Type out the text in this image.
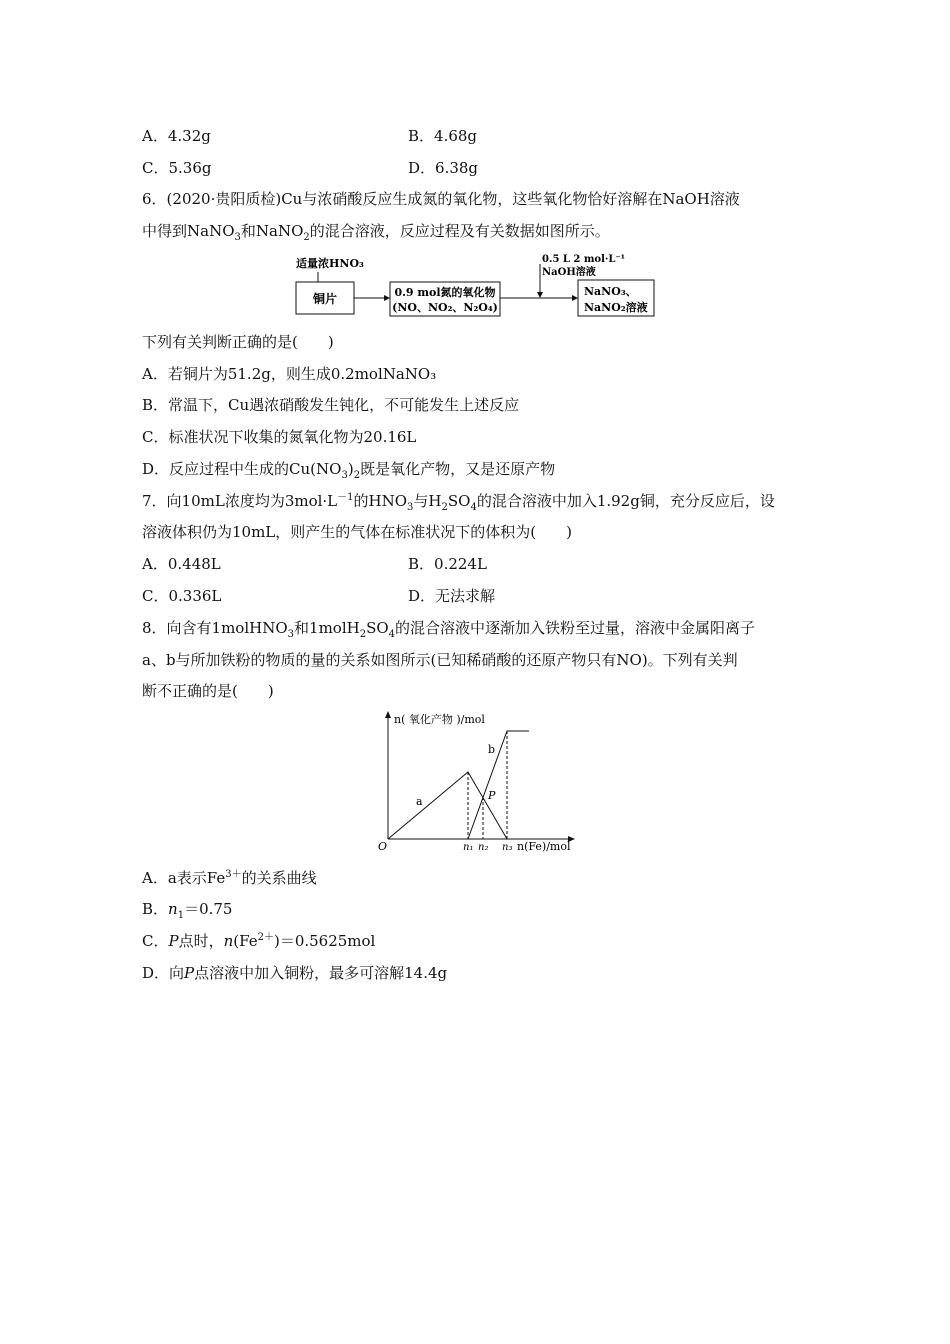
A．4.32g	B．4.68g
C．5.36g	D．6.38g
6．(2020·贵阳质检)Cu与浓硝酸反应生成氮的氧化物，这些氧化物恰好溶解在NaOH溶液
中得到NaNO$_3$和NaNO$_2$的混合溶液，反应过程及有关数据如图所示。
适量浓HNO₃
铜片	0.9 mol氮的氧化物
(NO、NO₂、N₂O₄)
0.5 L 2 mol·L⁻¹
NaOH溶液
NaNO₃、
NaNO₂溶液
下列有关判断正确的是(　　)
A．若铜片为51.2g，则生成0.2molNaNO₃
B．常温下，Cu遇浓硝酸发生钝化，不可能发生上述反应
C．标准状况下收集的氮氧化物为20.16L
D．反应过程中生成的$Cu(NO_3)_2$既是氧化产物，又是还原产物
7．向10mL浓度均为$3mol\cdot L^{-1}$的$HNO_3$与$H_2SO_4$的混合溶液中加入1.92g铜，充分反应后，设
溶液体积仍为10mL，则产生的气体在标准状况下的体积为(　　)
A．0.448L	B．0.224L
C．0.336L	D．无法求解
8．向含有1molHNO$_3$和$1molH_2SO_4$的混合溶液中逐渐加入铁粉至过量，溶液中金属阳离子
a、b与所加铁粉的物质的量的关系如图所示(已知稀硝酸的还原产物只有NO)。下列有关判
断不正确的是(　　)
n( 氧化产物 )/mol
O
a
b
P
n₁ n₂ n₃ n(Fe)/mol
A．a表示$Fe^{3+}$的关系曲线
B．$n_1=0.75$
C．P点时，$n(Fe^{2+})=0.5625mol$
D．向P点溶液中加入铜粉，最多可溶解14.4g
